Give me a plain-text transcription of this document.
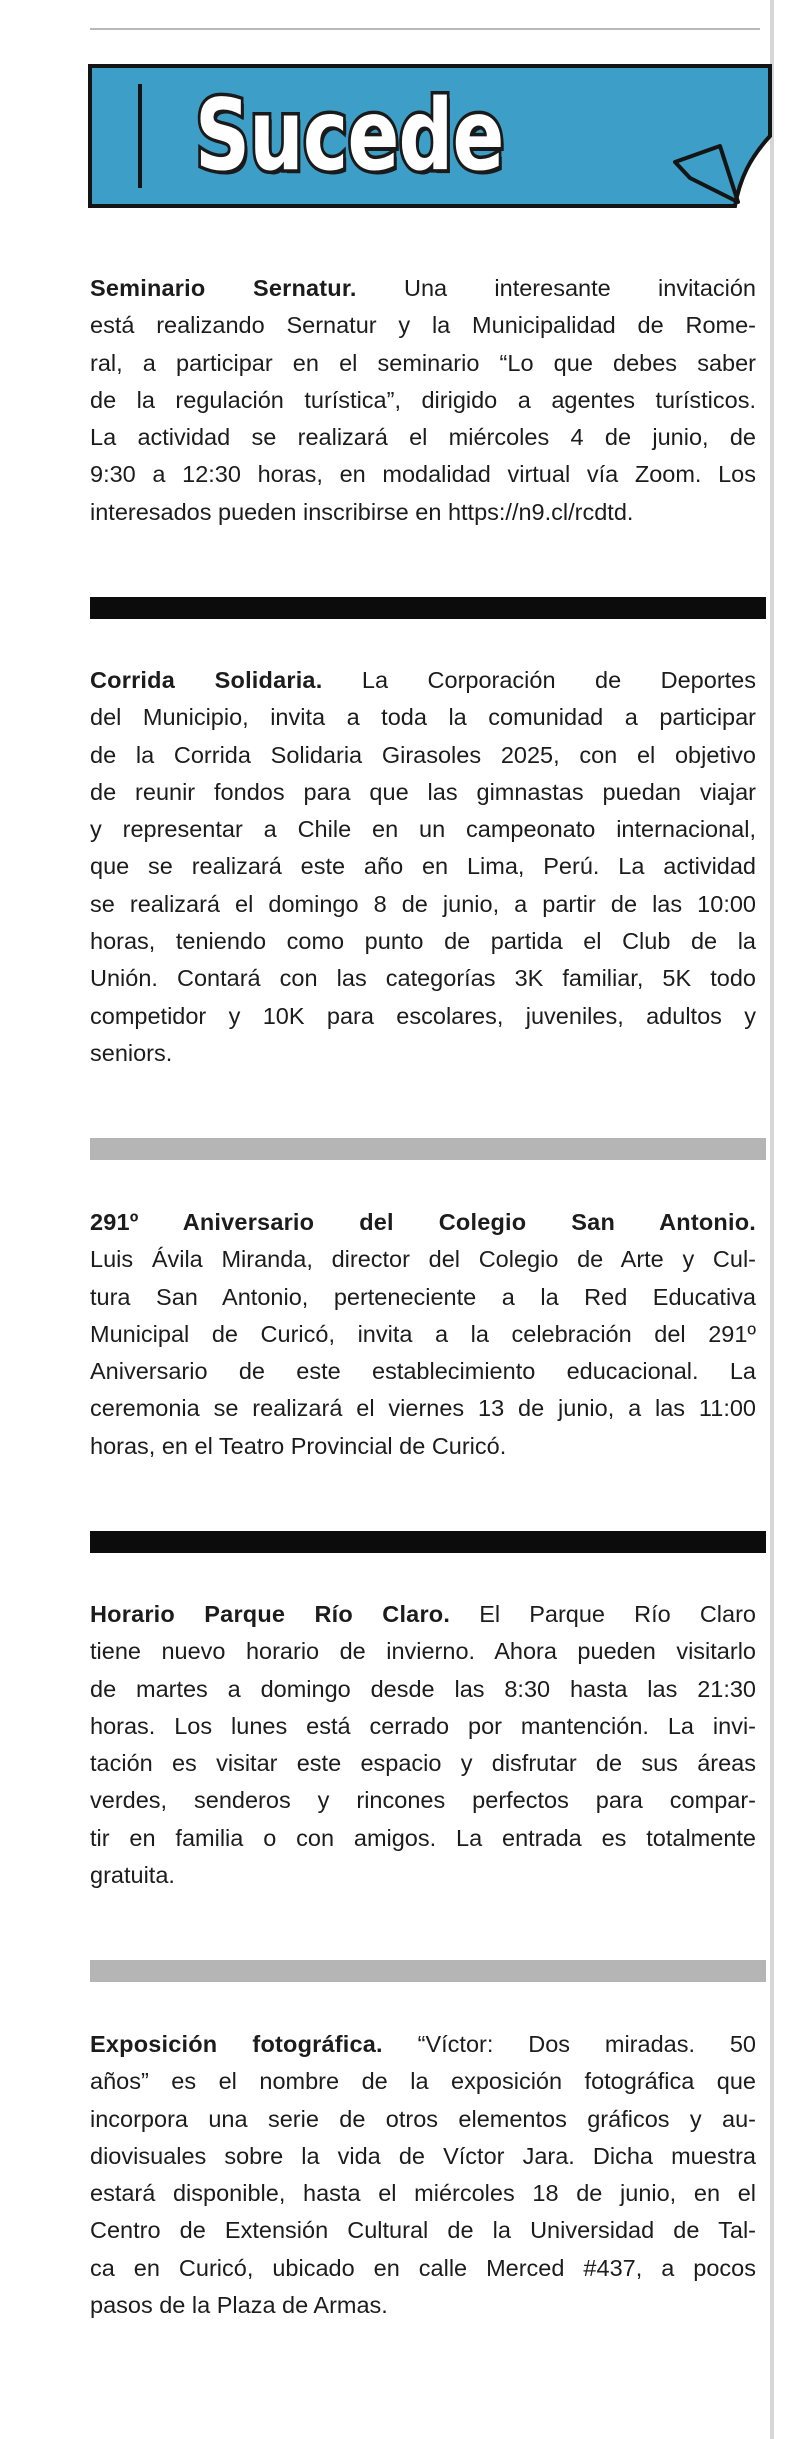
Sucede
Seminario Sernatur. Una interesante invitación
está realizando Sernatur y la Municipalidad de Rome-
ral, a participar en el seminario “Lo que debes saber
de la regulación turística”, dirigido a agentes turísticos.
La actividad se realizará el miércoles 4 de junio, de
9:30 a 12:30 horas, en modalidad virtual vía Zoom. Los
interesados pueden inscribirse en https://n9.cl/rcdtd.
Corrida Solidaria. La Corporación de Deportes
del Municipio, invita a toda la comunidad a participar
de la Corrida Solidaria Girasoles 2025, con el objetivo
de reunir fondos para que las gimnastas puedan viajar
y representar a Chile en un campeonato internacional,
que se realizará este año en Lima, Perú. La actividad
se realizará el domingo 8 de junio, a partir de las 10:00
horas, teniendo como punto de partida el Club de la
Unión. Contará con las categorías 3K familiar, 5K todo
competidor y 10K para escolares, juveniles, adultos y
seniors.
291º Aniversario del Colegio San Antonio.
Luis Ávila Miranda, director del Colegio de Arte y Cul-
tura San Antonio, perteneciente a la Red Educativa
Municipal de Curicó, invita a la celebración del 291º
Aniversario de este establecimiento educacional. La
ceremonia se realizará el viernes 13 de junio, a las 11:00
horas, en el Teatro Provincial de Curicó.
Horario Parque Río Claro. El Parque Río Claro
tiene nuevo horario de invierno. Ahora pueden visitarlo
de martes a domingo desde las 8:30 hasta las 21:30
horas. Los lunes está cerrado por mantención. La invi-
tación es visitar este espacio y disfrutar de sus áreas
verdes, senderos y rincones perfectos para compar-
tir en familia o con amigos. La entrada es totalmente
gratuita.
Exposición fotográfica. “Víctor: Dos miradas. 50
años” es el nombre de la exposición fotográfica que
incorpora una serie de otros elementos gráficos y au-
diovisuales sobre la vida de Víctor Jara. Dicha muestra
estará disponible, hasta el miércoles 18 de junio, en el
Centro de Extensión Cultural de la Universidad de Tal-
ca en Curicó, ubicado en calle Merced #437, a pocos
pasos de la Plaza de Armas.
